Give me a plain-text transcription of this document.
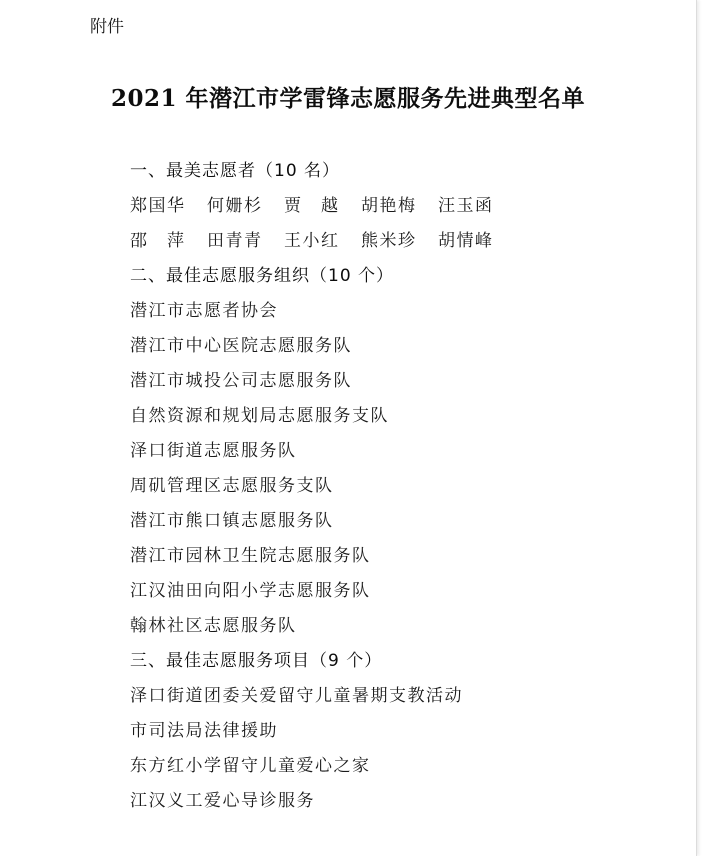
附件
2021 年潜江市学雷锋志愿服务先进典型名单
一、最美志愿者（10 名）
郑国华	何姗杉	贾　越	胡艳梅	汪玉函
邵　萍	田青青	王小红	熊米珍	胡情峰
二、最佳志愿服务组织（10 个）
潜江市志愿者协会
潜江市中心医院志愿服务队
潜江市城投公司志愿服务队
自然资源和规划局志愿服务支队
泽口街道志愿服务队
周矶管理区志愿服务支队
潜江市熊口镇志愿服务队
潜江市园林卫生院志愿服务队
江汉油田向阳小学志愿服务队
翰林社区志愿服务队
三、最佳志愿服务项目（9 个）
泽口街道团委关爱留守儿童暑期支教活动
市司法局法律援助
东方红小学留守儿童爱心之家
江汉义工爱心导诊服务
